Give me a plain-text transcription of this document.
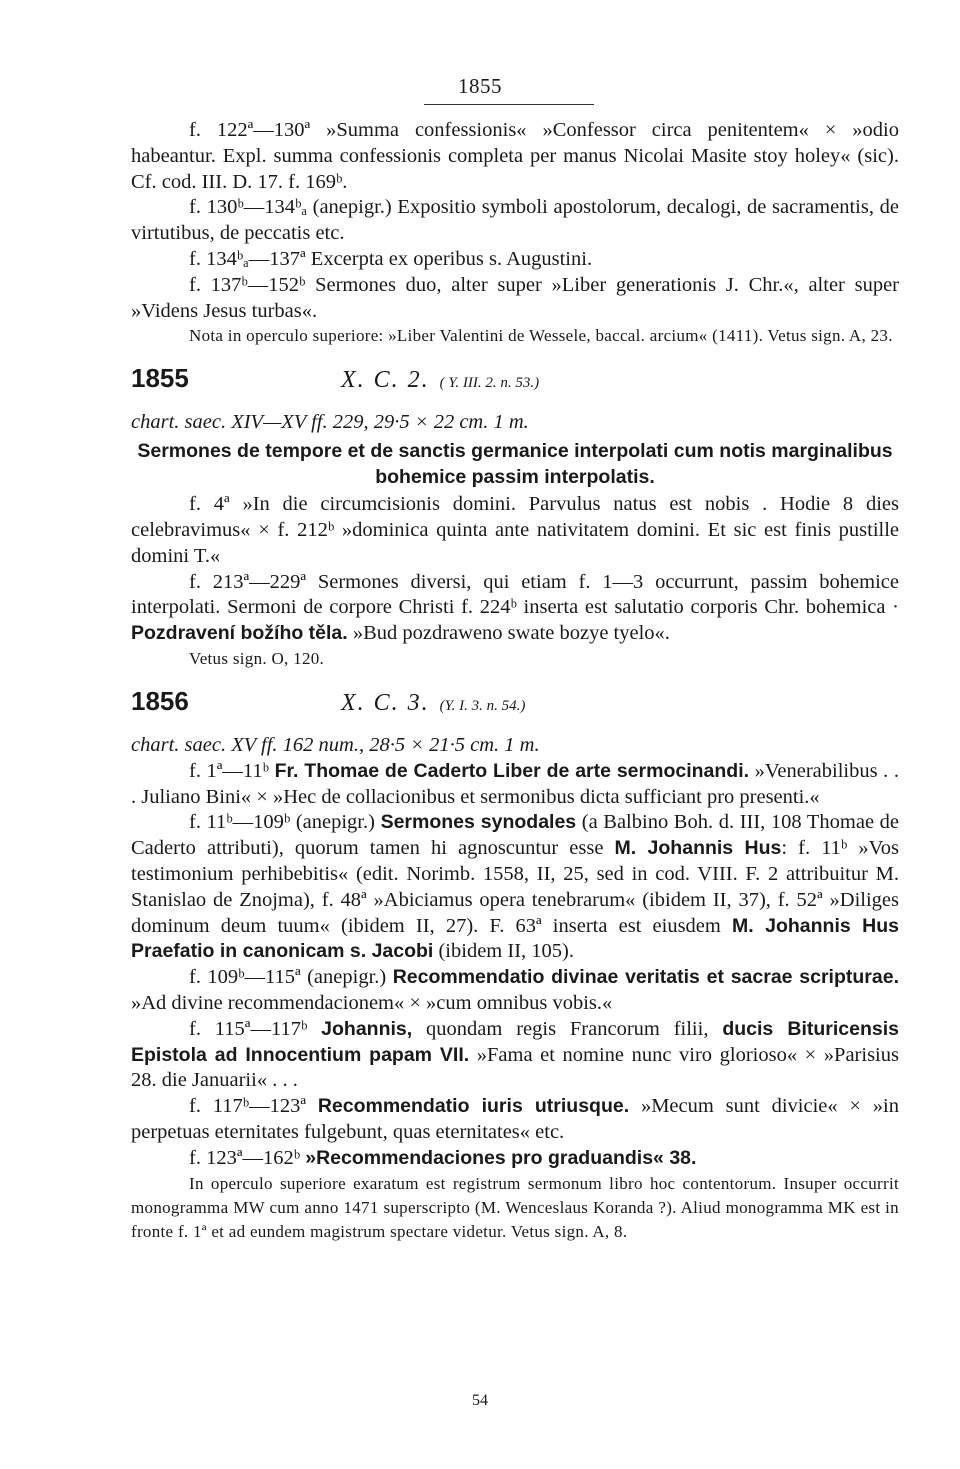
1855

f. 122ª—130ª »Summa confessionis« »Confessor circa penitentem« × »odio habeantur. Expl. summa confessionis completa per manus Nicolai Masite stoy holey« (sic). Cf. cod. III. D. 17. f. 169ᵇ.

f. 130ᵇ—134ᵇₐ (anepigr.) Expositio symboli apostolorum, decalogi, de sacramentis, de virtutibus, de peccatis etc.

f. 134ᵇₐ—137ª Excerpta ex operibus s. Augustini.

f. 137ᵇ—152ᵇ Sermones duo, alter super »Liber generationis J. Chr.«, alter super »Videns Jesus turbas«.

Nota in operculo superiore: »Liber Valentini de Wessele, baccal. arcium« (1411). Vetus sign. A, 23.

1855	X. C. 2. ( Y. III. 2. n. 53.)

chart. saec. XIV—XV ff. 229, 29·5 × 22 cm. 1 m.

Sermones de tempore et de sanctis germanice interpolati cum notis marginalibus bohemice passim interpolatis.

f. 4ª »In die circumcisionis domini. Parvulus natus est nobis . Hodie 8 dies celebravimus« × f. 212ᵇ »dominica quinta ante nativitatem domini. Et sic est finis pustille domini T.«

f. 213ª—229ª Sermones diversi, qui etiam f. 1—3 occurrunt, passim bohemice interpolati. Sermoni de corpore Christi f. 224ᵇ inserta est salutatio corporis Chr. bohemica · Pozdravení božího těla. »Bud pozdraweno swate bozye tyelo«.

Vetus sign. O, 120.

1856	X. C. 3. (Y. I. 3. n. 54.)

chart. saec. XV ff. 162 num., 28·5 × 21·5 cm. 1 m.

f. 1ª—11ᵇ Fr. Thomae de Caderto Liber de arte sermocinandi. »Venerabilibus . . . Juliano Bini« × »Hec de collacionibus et sermonibus dicta sufficiant pro presenti.«

f. 11ᵇ—109ᵇ (anepigr.) Sermones synodales (a Balbino Boh. d. III, 108 Thomae de Caderto attributi), quorum tamen hi agnoscuntur esse M. Johannis Hus: f. 11ᵇ »Vos testimonium perhibebitis« (edit. Norimb. 1558, II, 25, sed in cod. VIII. F. 2 attribuitur M. Stanislao de Znojma), f. 48ª »Abiciamus opera tenebrarum« (ibidem II, 37), f. 52ª »Diliges dominum deum tuum« (ibidem II, 27). F. 63ª inserta est eiusdem M. Johannis Hus Praefatio in canonicam s. Jacobi (ibidem II, 105).

f. 109ᵇ—115ª (anepigr.) Recommendatio divinae veritatis et sacrae scripturae. »Ad divine recommendacionem« × »cum omnibus vobis.«

f. 115ª—117ᵇ Johannis, quondam regis Francorum filii, ducis Bituricensis Epistola ad Innocentium papam VII. »Fama et nomine nunc viro glorioso« × »Parisius 28. die Januarii« . . .

f. 117ᵇ—123ª Recommendatio iuris utriusque. »Mecum sunt divicie« × »in perpetuas eternitates fulgebunt, quas eternitates« etc.

f. 123ª—162ᵇ »Recommendaciones pro graduandis« 38.

In operculo superiore exaratum est registrum sermonum libro hoc contentorum. Insuper occurrit monogramma MW cum anno 1471 superscripto (M. Wenceslaus Koranda ?). Aliud monogramma MK est in fronte f. 1ª et ad eundem magistrum spectare videtur. Vetus sign. A, 8.

54
